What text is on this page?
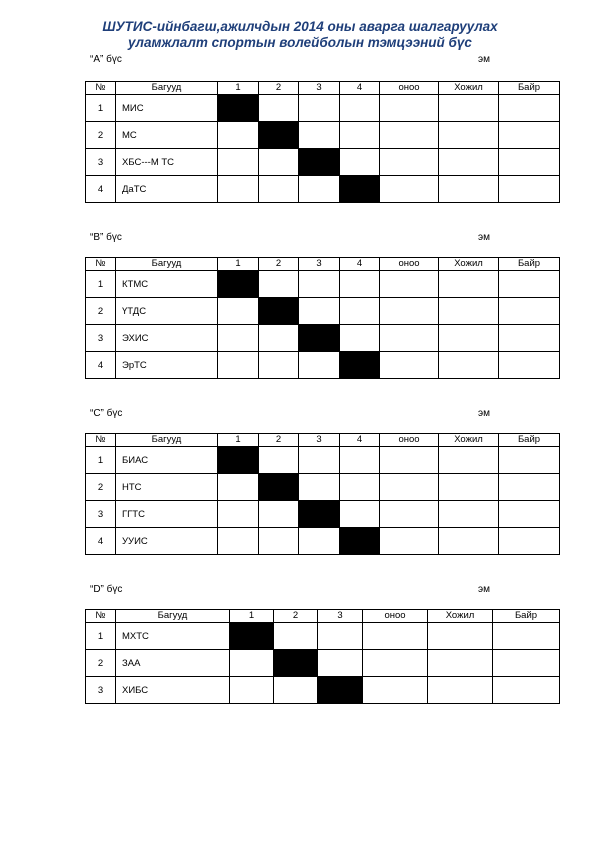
ШУТИС-ийнбагш,ажилчдын 2014 оны аварга шалгаруулах
уламжлалт спортын волейболын тэмцээний бүс
“A” бүс	эм
№	Багууд	1	2	3	4	оноо	Хожил	Байр
1	МИС							
2	МС							
3	ХБС---М ТС							
4	ДаТС							
“B” бүс	эм
№	Багууд	1	2	3	4	оноо	Хожил	Байр
1	КТМС							
2	ҮТДС							
3	ЭХИС							
4	ЭрТС							
“C” бүс	эм
№	Багууд	1	2	3	4	оноо	Хожил	Байр
1	БИАС							
2	НТС							
3	ГГТС							
4	УУИС							
“D” бүс	эм
№	Багууд	1	2	3	оноо	Хожил	Байр
1	МХТС						
2	ЗАА						
3	ХИБС						
